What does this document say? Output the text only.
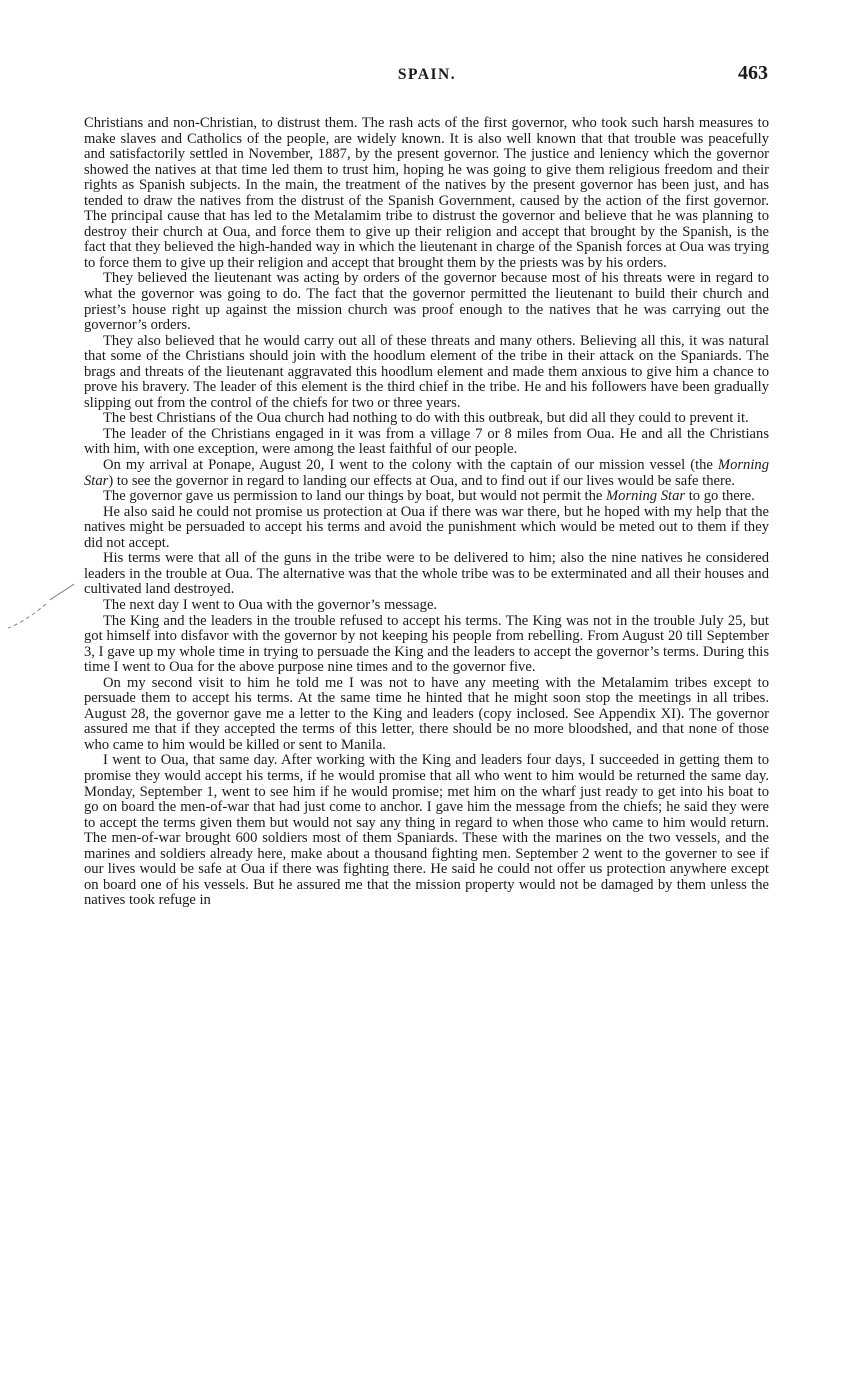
SPAIN.	463

Christians and non-Christian, to distrust them. The rash acts of the first governor, who took such harsh measures to make slaves and Catholics of the people, are widely known. It is also well known that that trouble was peacefully and satisfactorily settled in November, 1887, by the present governor. The justice and leniency which the governor showed the natives at that time led them to trust him, hoping he was going to give them religious freedom and their rights as Spanish subjects. In the main, the treatment of the natives by the present governor has been just, and has tended to draw the natives from the distrust of the Spanish Government, caused by the action of the first governor. The principal cause that has led to the Metalamim tribe to distrust the governor and believe that he was planning to destroy their church at Oua, and force them to give up their religion and accept that brought by the Spanish, is the fact that they believed the high-handed way in which the lieutenant in charge of the Spanish forces at Oua was trying to force them to give up their religion and accept that brought them by the priests was by his orders.

They believed the lieutenant was acting by orders of the governor because most of his threats were in regard to what the governor was going to do. The fact that the governor permitted the lieutenant to build their church and priest’s house right up against the mission church was proof enough to the natives that he was carrying out the governor’s orders.

They also believed that he would carry out all of these threats and many others. Believing all this, it was natural that some of the Christians should join with the hoodlum element of the tribe in their attack on the Spaniards. The brags and threats of the lieutenant aggravated this hoodlum element and made them anxious to give him a chance to prove his bravery. The leader of this element is the third chief in the tribe. He and his followers have been gradually slipping out from the control of the chiefs for two or three years.

The best Christians of the Oua church had nothing to do with this outbreak, but did all they could to prevent it.

The leader of the Christians engaged in it was from a village 7 or 8 miles from Oua. He and all the Christians with him, with one exception, were among the least faithful of our people.

On my arrival at Ponape, August 20, I went to the colony with the captain of our mission vessel (the Morning Star) to see the governor in regard to landing our effects at Oua, and to find out if our lives would be safe there.

The governor gave us permission to land our things by boat, but would not permit the Morning Star to go there.

He also said he could not promise us protection at Oua if there was war there, but he hoped with my help that the natives might be persuaded to accept his terms and avoid the punishment which would be meted out to them if they did not accept.

His terms were that all of the guns in the tribe were to be delivered to him; also the nine natives he considered leaders in the trouble at Oua. The alternative was that the whole tribe was to be exterminated and all their houses and cultivated land destroyed.

The next day I went to Oua with the governor’s message.

The King and the leaders in the trouble refused to accept his terms. The King was not in the trouble July 25, but got himself into disfavor with the governor by not keeping his people from rebelling. From August 20 till September 3, I gave up my whole time in trying to persuade the King and the leaders to accept the governor’s terms. During this time I went to Oua for the above purpose nine times and to the governor five.

On my second visit to him he told me I was not to have any meeting with the Metalamim tribes except to persuade them to accept his terms. At the same time he hinted that he might soon stop the meetings in all tribes. August 28, the governor gave me a letter to the King and leaders (copy inclosed. See Appendix XI). The governor assured me that if they accepted the terms of this letter, there should be no more bloodshed, and that none of those who came to him would be killed or sent to Manila.

I went to Oua, that same day. After working with the King and leaders four days, I succeeded in getting them to promise they would accept his terms, if he would promise that all who went to him would be returned the same day. Monday, September 1, went to see him if he would promise; met him on the wharf just ready to get into his boat to go on board the men-of-war that had just come to anchor. I gave him the message from the chiefs; he said they were to accept the terms given them but would not say any thing in regard to when those who came to him would return. The men-of-war brought 600 soldiers most of them Spaniards. These with the marines on the two vessels, and the marines and soldiers already here, make about a thousand fighting men. September 2 went to the governer to see if our lives would be safe at Oua if there was fighting there. He said he could not offer us protection anywhere except on board one of his vessels. But he assured me that the mission property would not be damaged by them unless the natives took refuge in
